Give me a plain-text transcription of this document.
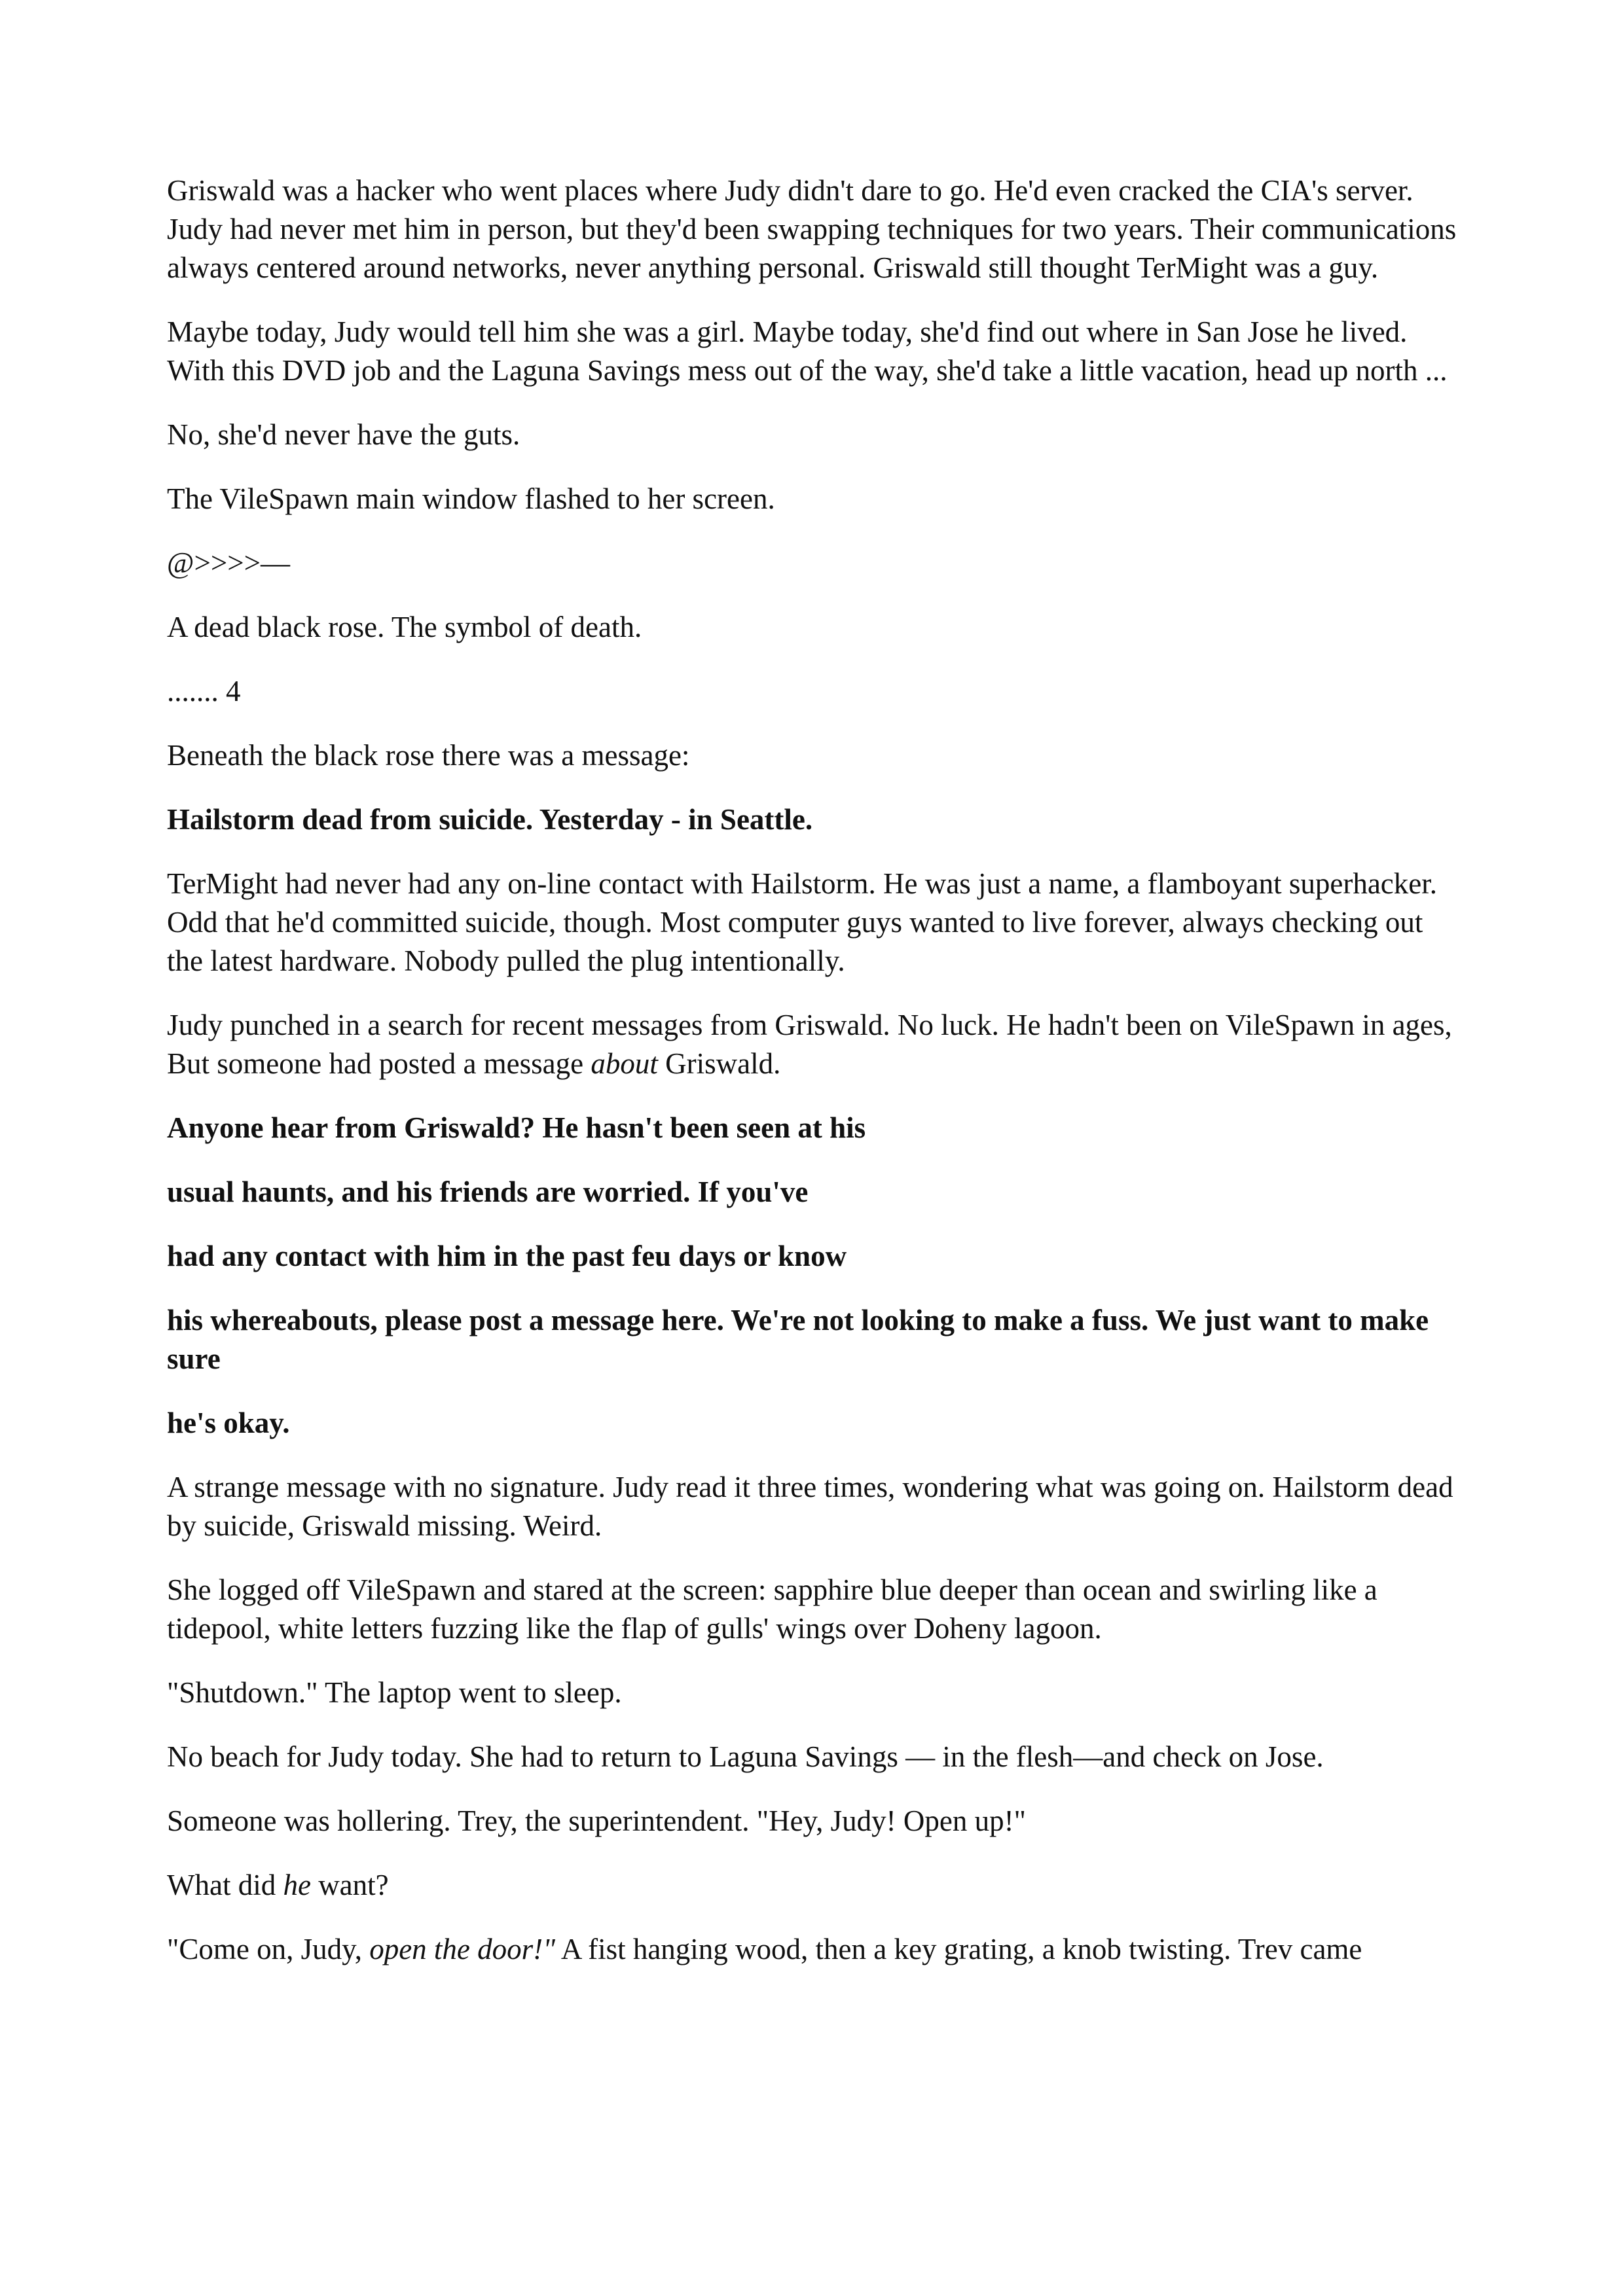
Griswald was a hacker who went places where Judy didn't dare to go. He'd even cracked the CIA's server. Judy had never met him in person, but they'd been swapping techniques for two years. Their communications always centered around networks, never anything personal. Griswald still thought TerMight was a guy.

Maybe today, Judy would tell him she was a girl. Maybe today, she'd find out where in San Jose he lived. With this DVD job and the Laguna Savings mess out of the way, she'd take a little vacation, head up north ...

No, she'd never have the guts.

The VileSpawn main window flashed to her screen.

@>>>>—

A dead black rose. The symbol of death.

....... 4

Beneath the black rose there was a message:

Hailstorm dead from suicide. Yesterday - in Seattle.

TerMight had never had any on-line contact with Hailstorm. He was just a name, a flamboyant superhacker. Odd that he'd committed suicide, though. Most computer guys wanted to live forever, always checking out the latest hardware. Nobody pulled the plug intentionally.

Judy punched in a search for recent messages from Griswald. No luck. He hadn't been on VileSpawn in ages, But someone had posted a message about Griswald.

Anyone hear from Griswald? He hasn't been seen at his

usual haunts, and his friends are worried. If you've

had any contact with him in the past feu days or know

his whereabouts, please post a message here. We're not looking to make a fuss. We just want to make sure

he's okay.

A strange message with no signature. Judy read it three times, wondering what was going on. Hailstorm dead by suicide, Griswald missing. Weird.

She logged off VileSpawn and stared at the screen: sapphire blue deeper than ocean and swirling like a tidepool, white letters fuzzing like the flap of gulls' wings over Doheny lagoon.

"Shutdown." The laptop went to sleep.

No beach for Judy today. She had to return to Laguna Savings — in the flesh—and check on Jose.

Someone was hollering. Trey, the superintendent. "Hey, Judy! Open up!"

What did he want?

"Come on, Judy, open the door!" A fist hanging wood, then a key grating, a knob twisting. Trev came
